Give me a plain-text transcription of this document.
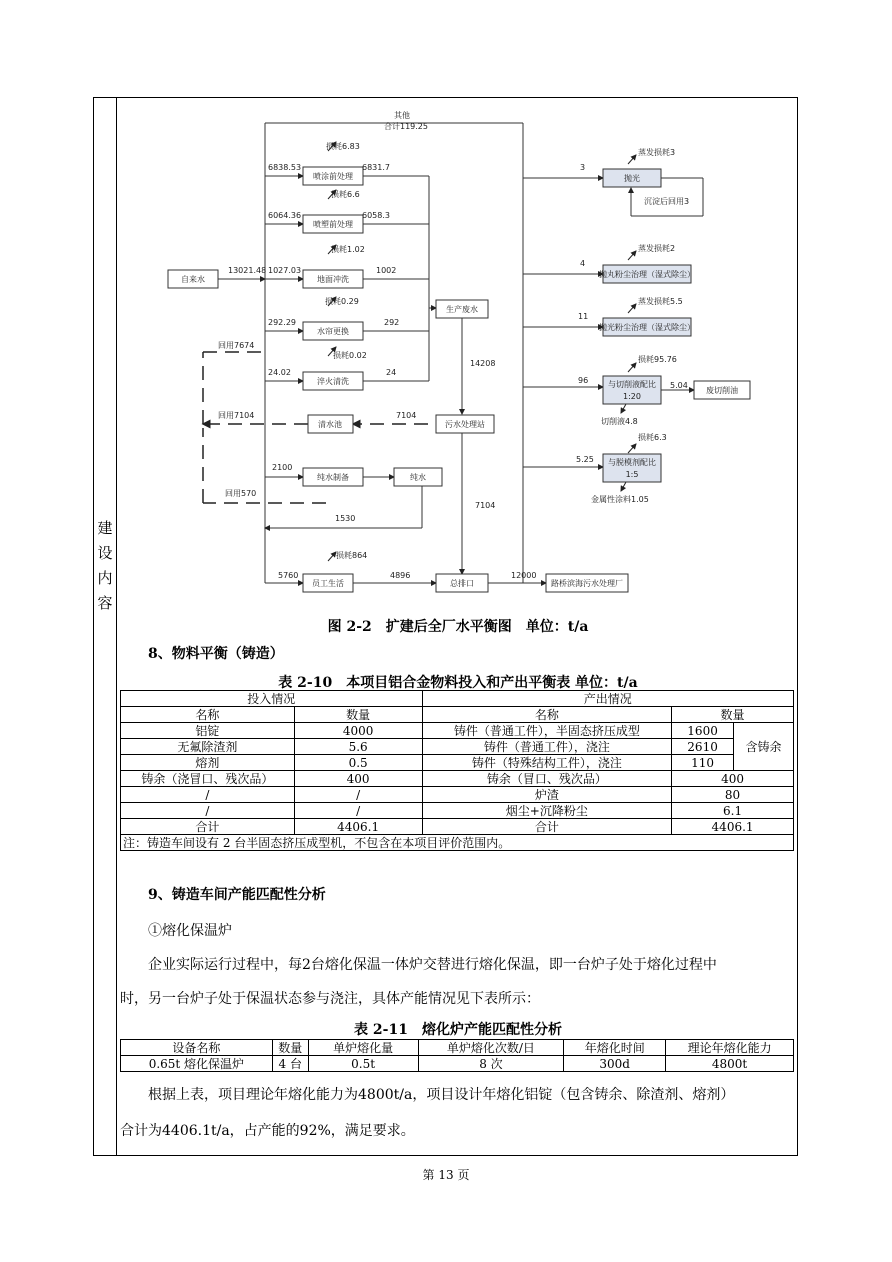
建
设
内
容
自来水
喷涂前处理
喷塑前处理
地面冲洗
水帘更换
淬火清洗
生产废水
清水池	污水处理站
纯水制备	纯水
员工生活	总排口	路桥滨海污水处理厂
抛光
抛丸粉尘治理（湿式除尘）
抛光粉尘治理（湿式除尘）
与切削液配比
1:20
废切削油
与脱模剂配比
1:5
其他
合计119.25
13021.48
6838.53
损耗6.83
6831.7
6064.36
损耗6.6
6058.3
1027.03
损耗1.02
1002
292.29
损耗0.29
292
24.02
损耗0.02
24
14208
回用7674
回用7104	7104
2100
回用570
1530
7104
5760
损耗864
4896	12000
3
蒸发损耗3
沉淀后回用3
4
蒸发损耗2
11
蒸发损耗5.5
96
损耗95.76
5.04
切削液4.8
5.25
损耗6.3
金属性涂料1.05
图 2-2　扩建后全厂水平衡图　单位：t/a
8、物料平衡（铸造）
表 2-10　本项目铝合金物料投入和产出平衡表 单位：t/a
投入情况		产出情况		
名称	数量	名称	数量	
铝锭	4000	铸件（普通工件），半固态挤压成型	1600	含铸余
无氟除渣剂	5.6	铸件（普通工件），浇注	2610	
熔剂	0.5	铸件（特殊结构工件），浇注	110	
铸余（浇冒口、残次品）	400	铸余（冒口、残次品）	400	
/	/	炉渣	80	
/	/	烟尘+沉降粉尘	6.1	
合计	4406.1	合计	4406.1	
注：铸造车间设有 2 台半固态挤压成型机，不包含在本项目评价范围内。				
9、铸造车间产能匹配性分析
①熔化保温炉
企业实际运行过程中，每2台熔化保温一体炉交替进行熔化保温，即一台炉子处于熔化过程中
时，另一台炉子处于保温状态参与浇注，具体产能情况见下表所示：
表 2-11　熔化炉产能匹配性分析
设备名称	数量	单炉熔化量	单炉熔化次数/日	年熔化时间	理论年熔化能力
0.65t 熔化保温炉	4 台	0.5t	8 次	300d	4800t
根据上表，项目理论年熔化能力为4800t/a，项目设计年熔化铝锭（包含铸余、除渣剂、熔剂）
合计为4406.1t/a，占产能的92%，满足要求。
第 13 页
